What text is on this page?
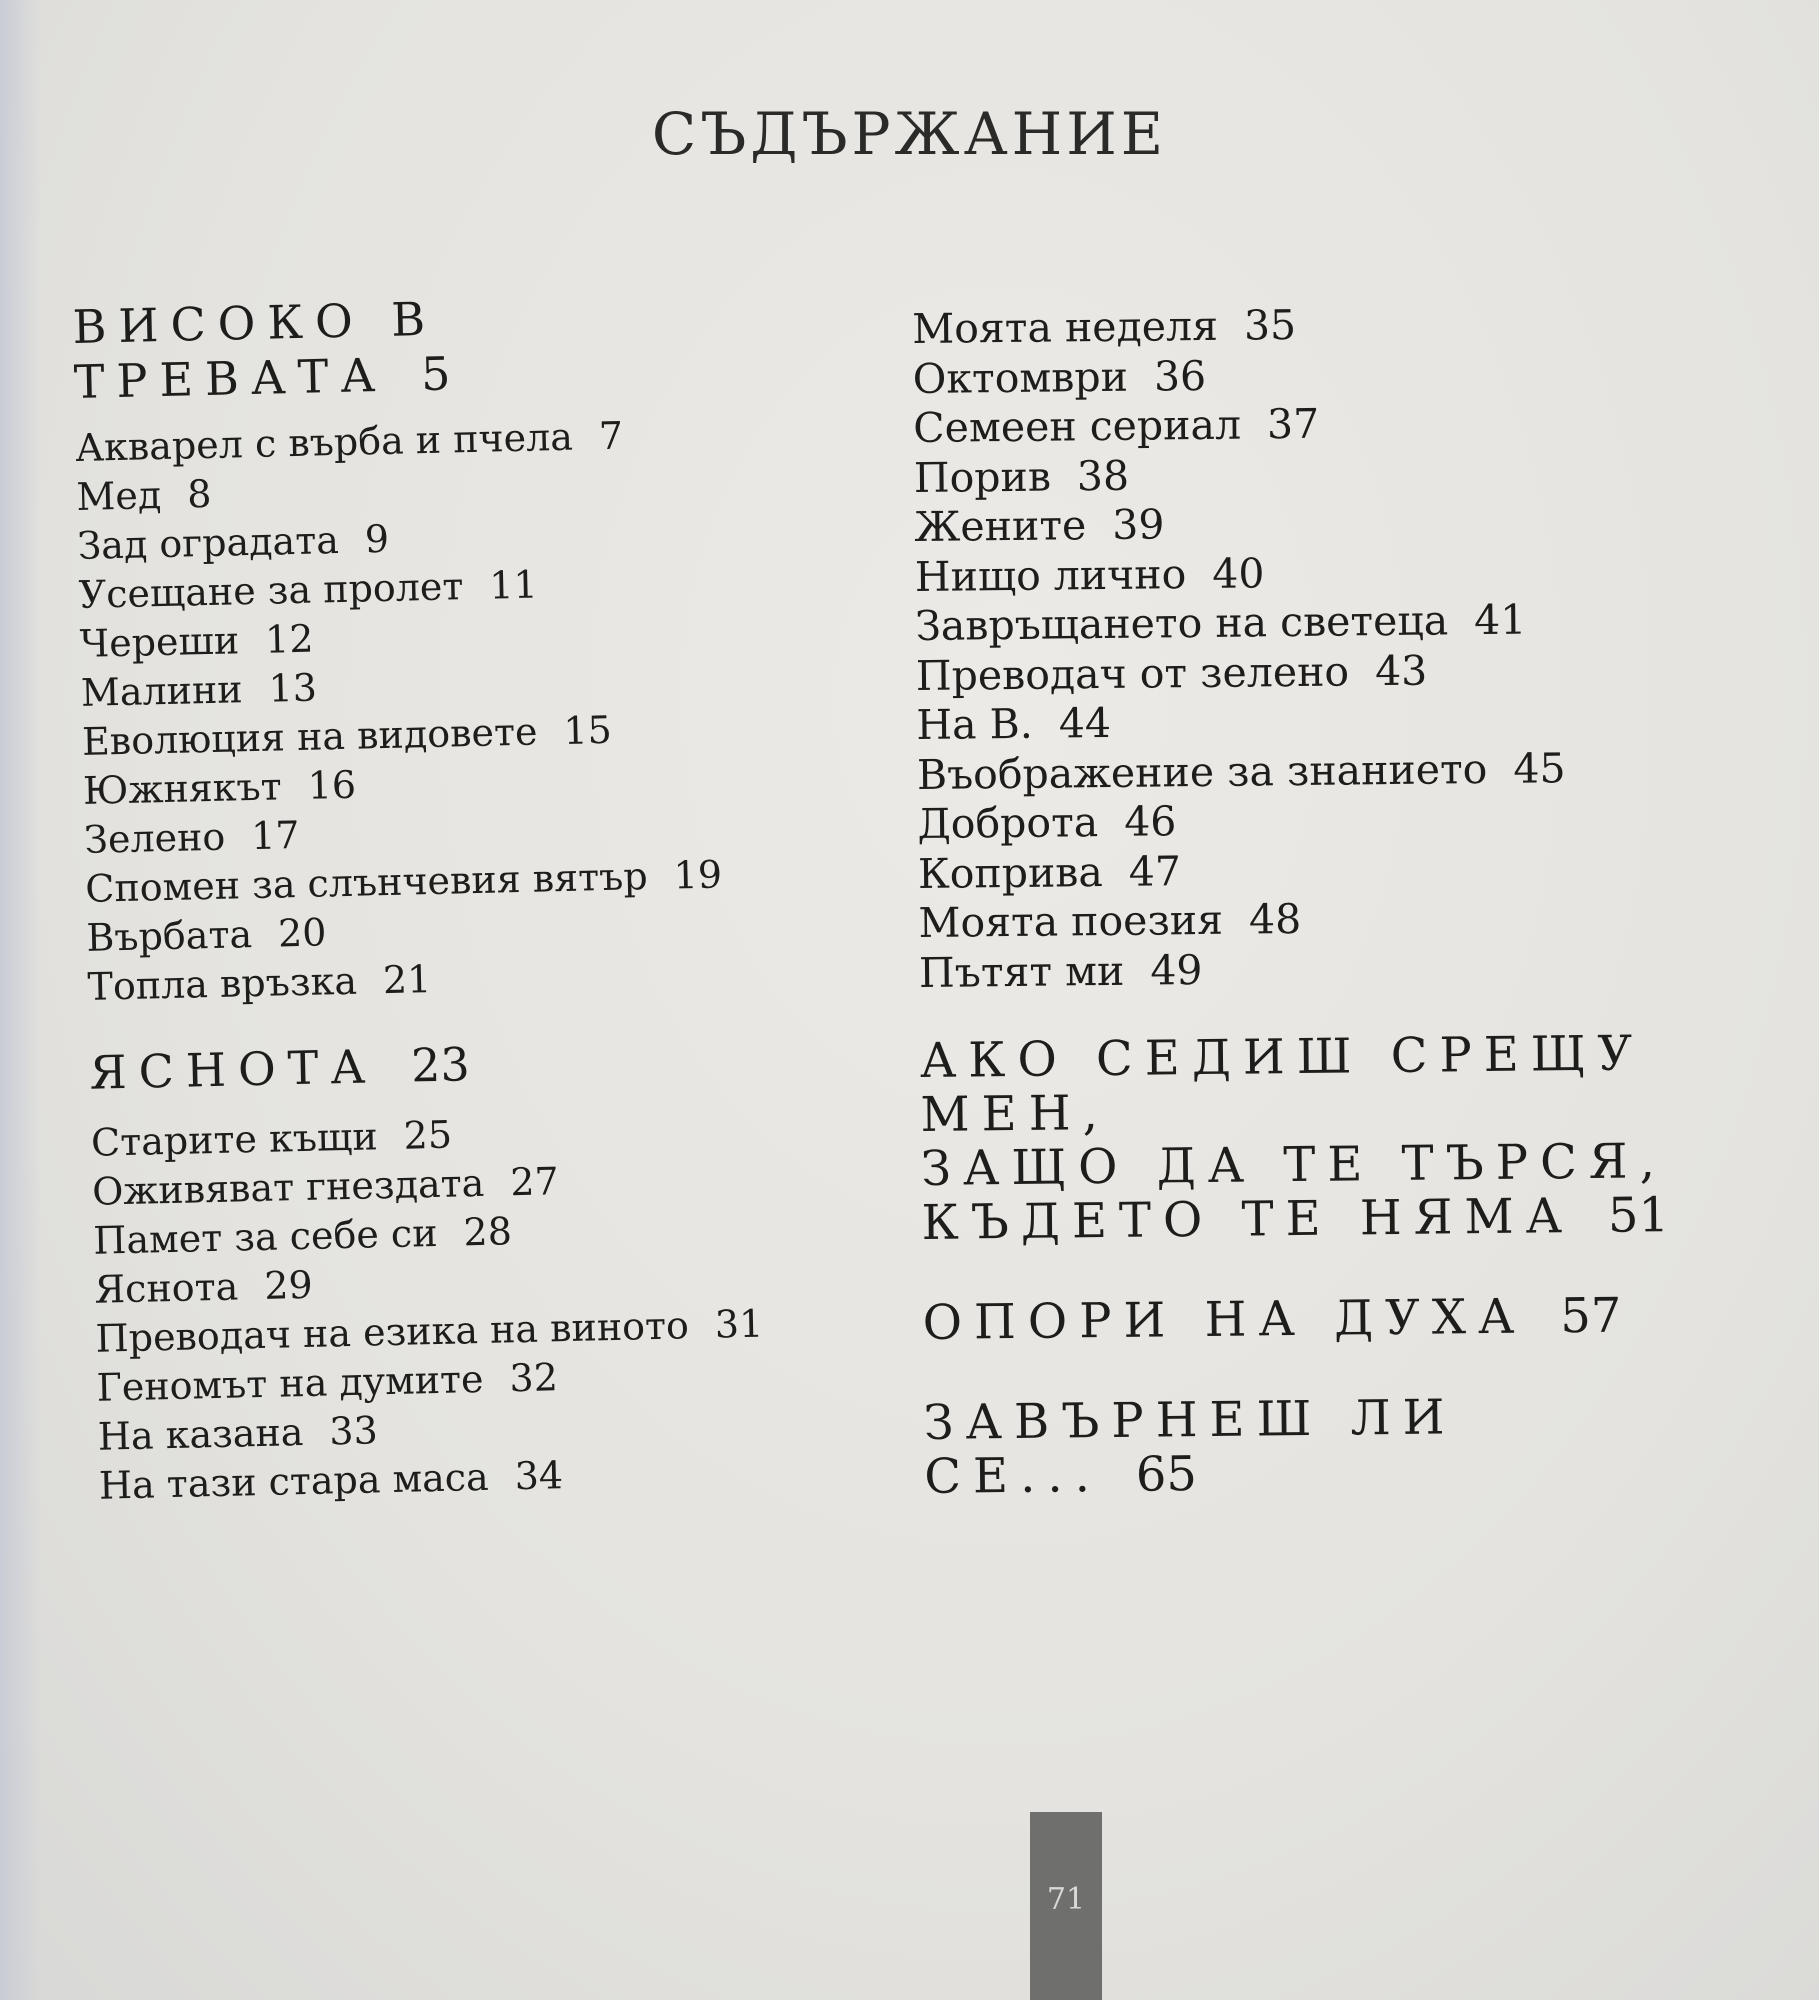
СЪДЪРЖАНИЕ
ВИСОКО В ТРЕВАТА 5
Акварел с върба и пчела 7
Мед 8
Зад оградата 9
Усещане за пролет 11
Череши 12
Малини 13
Еволюция на видовете 15
Южнякът 16
Зелено 17
Спомен за слънчевия вятър 19
Върбата 20
Топла връзка 21
ЯСНОТА 23
Старите къщи 25
Оживяват гнездата 27
Памет за себе си 28
Яснота 29
Преводач на езика на виното 31
Геномът на думите 32
На казана 33
На тази стара маса 34
Моята неделя 35
Октомври 36
Семеен сериал 37
Порив 38
Жените 39
Нищо лично 40
Завръщането на светеца 41
Преводач от зелено 43
На В. 44
Въображение за знанието 45
Доброта 46
Коприва 47
Моята поезия 48
Пътят ми 49
АКО СЕДИШ СРЕЩУ МЕН,
ЗАЩО ДА ТЕ ТЪРСЯ,
КЪДЕТО ТЕ НЯМА 51
ОПОРИ НА ДУХА 57
ЗАВЪРНЕШ ЛИ СЕ... 65
71
